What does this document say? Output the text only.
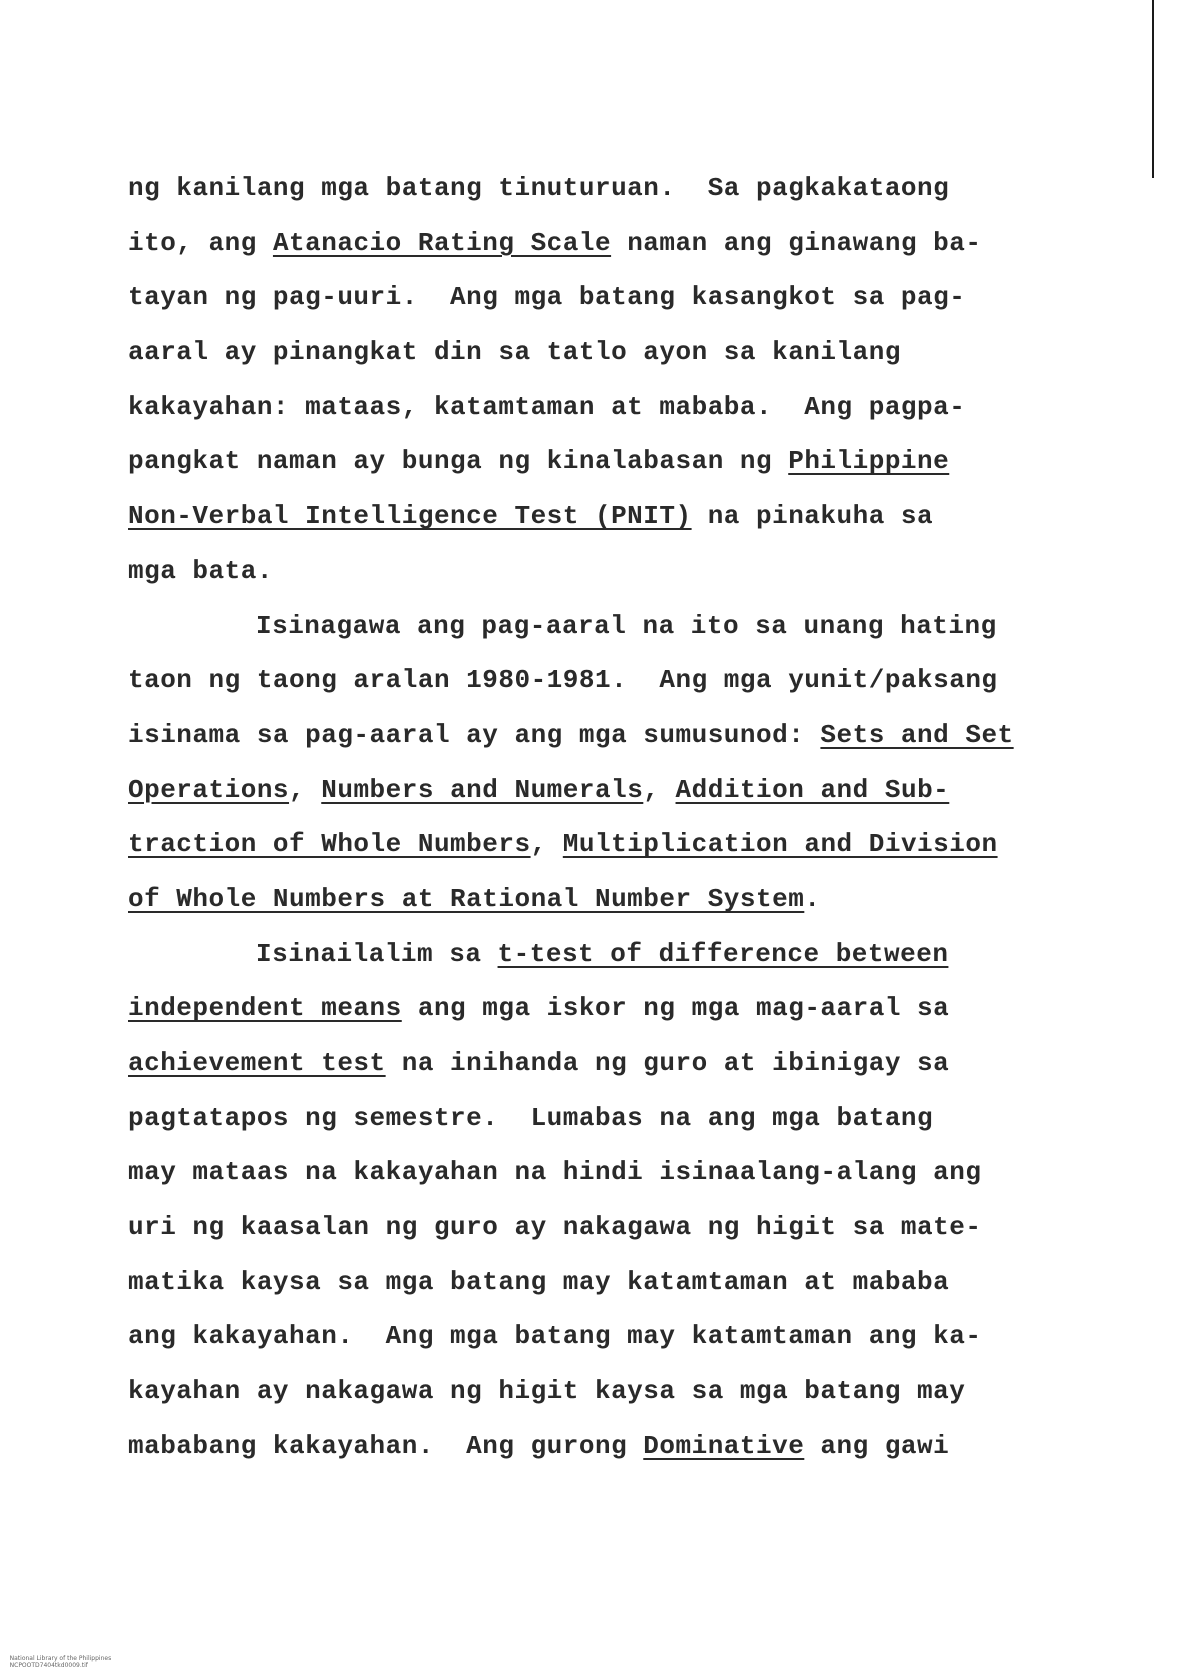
ng kanilang mga batang tinuturuan.  Sa pagkakataong
ito, ang Atanacio Rating Scale naman ang ginawang ba-
tayan ng pag-uuri.  Ang mga batang kasangkot sa pag-
aaral ay pinangkat din sa tatlo ayon sa kanilang
kakayahan: mataas, katamtaman at mababa.  Ang pagpa-
pangkat naman ay bunga ng kinalabasan ng Philippine
Non-Verbal Intelligence Test (PNIT) na pinakuha sa
mga bata.
Isinagawa ang pag-aaral na ito sa unang hating
taon ng taong aralan 1980-1981.  Ang mga yunit/paksang
isinama sa pag-aaral ay ang mga sumusunod: Sets and Set
Operations, Numbers and Numerals, Addition and Sub-
traction of Whole Numbers, Multiplication and Division
of Whole Numbers at Rational Number System.
Isinailalim sa t-test of difference between
independent means ang mga iskor ng mga mag-aaral sa
achievement test na inihanda ng guro at ibinigay sa
pagtatapos ng semestre.  Lumabas na ang mga batang
may mataas na kakayahan na hindi isinaalang-alang ang
uri ng kaasalan ng guro ay nakagawa ng higit sa mate-
matika kaysa sa mga batang may katamtaman at mababa
ang kakayahan.  Ang mga batang may katamtaman ang ka-
kayahan ay nakagawa ng higit kaysa sa mga batang may
mababang kakayahan.  Ang gurong Dominative ang gawi

National Library of the Philippines
NCPOOTD7404tkd0009.tif
